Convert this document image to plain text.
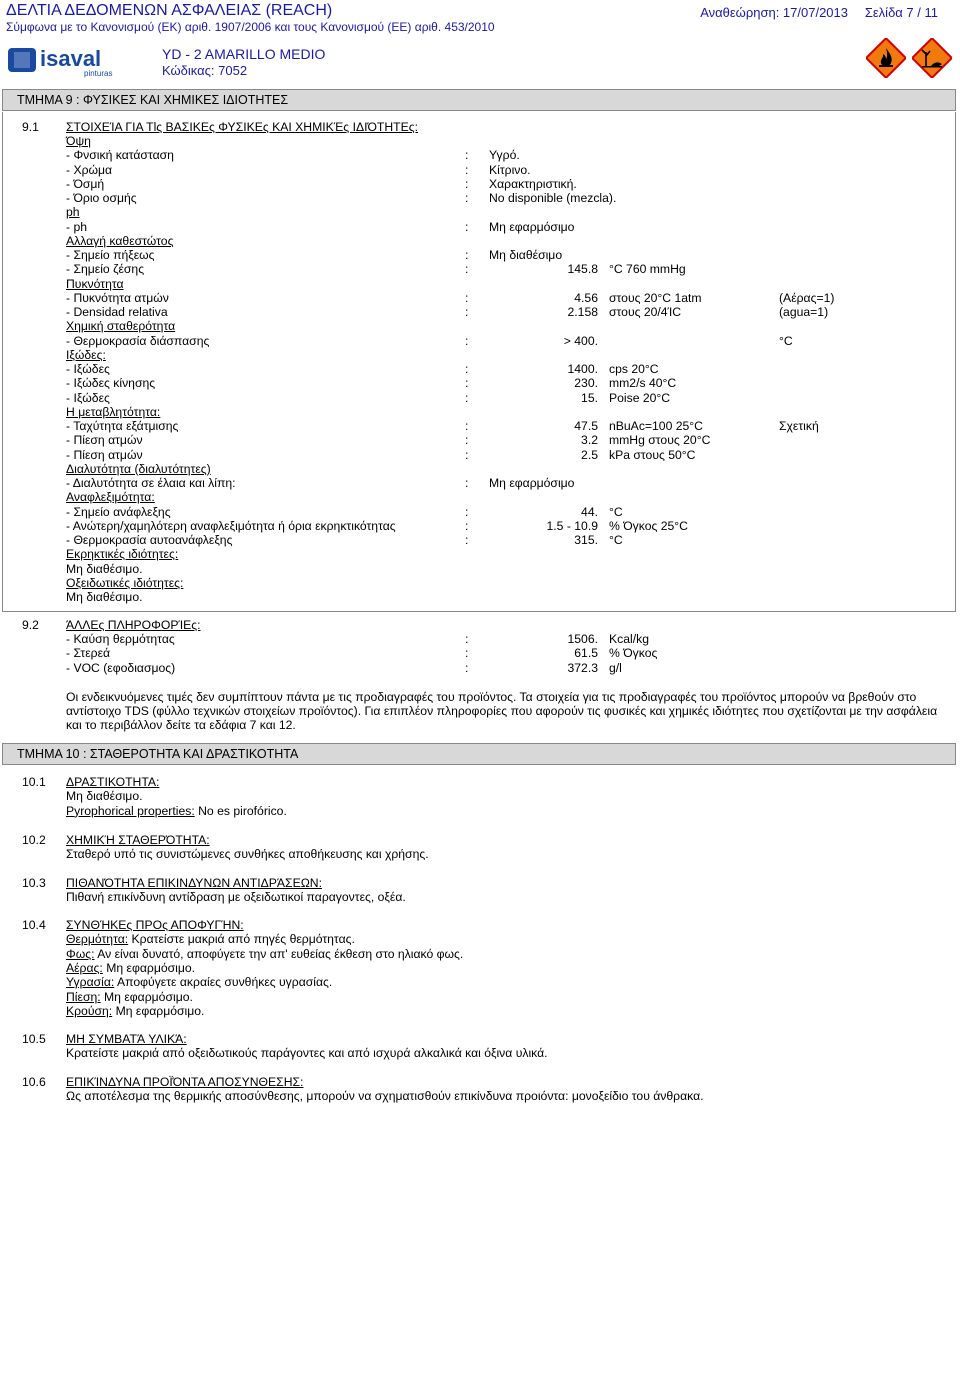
ΔΕΛΤΙΑ ΔΕΔΟΜΕΝΩΝ ΑΣΦΑΛΕΙΑΣ (REACH)
Σύμφωνα με το Κανονισμού (ΕΚ) αριθ. 1907/2006 και τους Κανονισμού (ΕΕ) αριθ. 453/2010
Αναθεώρηση: 17/07/2013 Σελίδα 7 / 11
isaval
pinturas
YD - 2 AMARILLO MEDIO
Κώδικας: 7052
ΤΜΗΜΑ 9 : ΦΥΣΙΚΕΣ ΚΑΙ ΧΗΜΙΚΕΣ ΙΔΙΟΤΗΤΕΣ
9.1 ΣΤΟΙΧΕΊΑ ΓΙΑ Τlς ΒΑΣΙΚΕς ΦΥΣΙΚΕς ΚΑΙ ΧΗΜΙΚΈς ΙΔΙΌΤΗΤΕς:
Όψη
- Φνσική κατάσταση	: Υγρό.
- Χρώμα	: Κίτρινο.
- Όσμή	: Χαρακτηριστική.
- Όριο οσμής	: No disponible (mezcla).
ph
- ph	: Μη εφαρμόσιμο
Αλλαγή καθεστώτος
- Σημείο πήξεως	: Μη διαθέσιμο
- Σημείο ζέσης	:	145.8 °C 760 mmHg
Πυκνότητα
- Πυκνότητα ατμών	:	4.56 στους 20°C 1atm	(Αέρας=1)
- Densidad relativa	:	2.158 στους 20/4ΊC	(agua=1)
Χημική σταθερότητα
- Θερμοκρασία διάσπασης	:	> 400.	°C
Ιξώδες:
- Ιξώδες	:	1400. cps 20°C
- Ιξώδες κίνησης	:	230. mm2/s 40°C
- Ιξώδες	:	15. Poise 20°C
Η μεταβλητότητα:
- Ταχύτητα εξάτμισης	:	47.5 nBuAc=100 25°C	Σχετική
- Πίεση ατμών	:	3.2 mmHg στους 20°C
- Πίεση ατμών	:	2.5 kPa στους 50°C
Διαλυτότητα (διαλυτότητες)
- Διαλυτότητα σε έλαια και λίπη:	: Μη εφαρμόσιμο
Αναφλεξιμότητα:
- Σημείο ανάφλεξης	:	44. °C
- Ανώτερη/χαμηλότερη αναφλεξιμότητα ή όρια εκρηκτικότητας	:	1.5 - 10.9 % Όγκος 25°C
- Θερμοκρασία αυτοανάφλεξης	:	315. °C
Εκρηκτικές ιδιότητες:
Μη διαθέσιμο.
Οξειδωτικές ιδιότητες:
Μη διαθέσιμο.
9.2 ΆΛΛΕς ΠΛΗΡΟΦΟΡΊΕς:
- Καύση θερμότητας	:	1506. Kcal/kg
- Στερεά	:	61.5 % Όγκος
- VOC (εφοδιασμος)	:	372.3 g/l
Οι ενδεικνυόμενες τιμές δεν συμπίπτουν πάντα με τις προδιαγραφές του προϊόντος. Τα στοιχεία για τις προδιαγραφές του προϊόντος μπορούν να βρεθούν στο αντίστοιχο TDS (φύλλο τεχνικών στοιχείων προϊόντος). Για επιπλέον πληροφορίες που αφορούν τις φυσικές και χημικές ιδιότητες που σχετίζονται με την ασφάλεια και το περιβάλλον δείτε τα εδάφια 7 και 12.
ΤΜΗΜΑ 10 : ΣΤΑΘΕΡΟΤΗΤΑ ΚΑΙ ΔΡΑΣΤΙΚΟΤΗΤΑ
10.1 ΔΡΑΣΤΙΚΟΤΗΤΑ:
Μη διαθέσιμο.
Pyrophorical properties: No es pirofórico.
10.2 ΧΗΜΙΚΉ ΣΤΑΘΕΡΌΤΗΤΑ:
Σταθερό υπό τις συνιστώμενες συνθήκες αποθήκευσης και χρήσης.
10.3 ΠΙΘΑΝΌΤΗΤΑ ΕΠΙΚΙΝΔΥΝΩΝ ΑΝΤΙΔΡΆΣΕΩΝ:
Πιθανή επικίνδυνη αντίδραση με οξειδωτικοί παραγοντες, οξέα.
10.4 ΣΥΝΘΉΚΕς ΠΡΟς ΑΠΟΦΥΓΉΝ:
Θερμότητα: Κρατείστε μακριά από πηγές θερμότητας.
Φως: Αν είναι δυνατό, αποφύγετε την απ' ευθείας έκθεση στο ηλιακό φως.
Αέρας: Μη εφαρμόσιμο.
Υγρασία: Αποφύγετε ακραίες συνθήκες υγρασίας.
Πίεση: Μη εφαρμόσιμο.
Κρούση: Μη εφαρμόσιμο.
10.5 ΜΗ ΣΥΜΒΑΤΆ ΥΛΙΚΆ:
Κρατείστε μακριά από οξειδωτικούς παράγοντες και από ισχυρά αλκαλικά και όξινα υλικά.
10.6 ΕΠΙΚΊΝΔΥΝΑ ΠΡΟΪΌΝΤΑ ΑΠΟΣΥΝΘΕΣΗΣ:
Ως αποτέλεσμα της θερμικής αποσύνθεσης, μπορούν να σχηματισθούν επικίνδυνα προιόντα: μονοξείδιο του άνθρακα.
